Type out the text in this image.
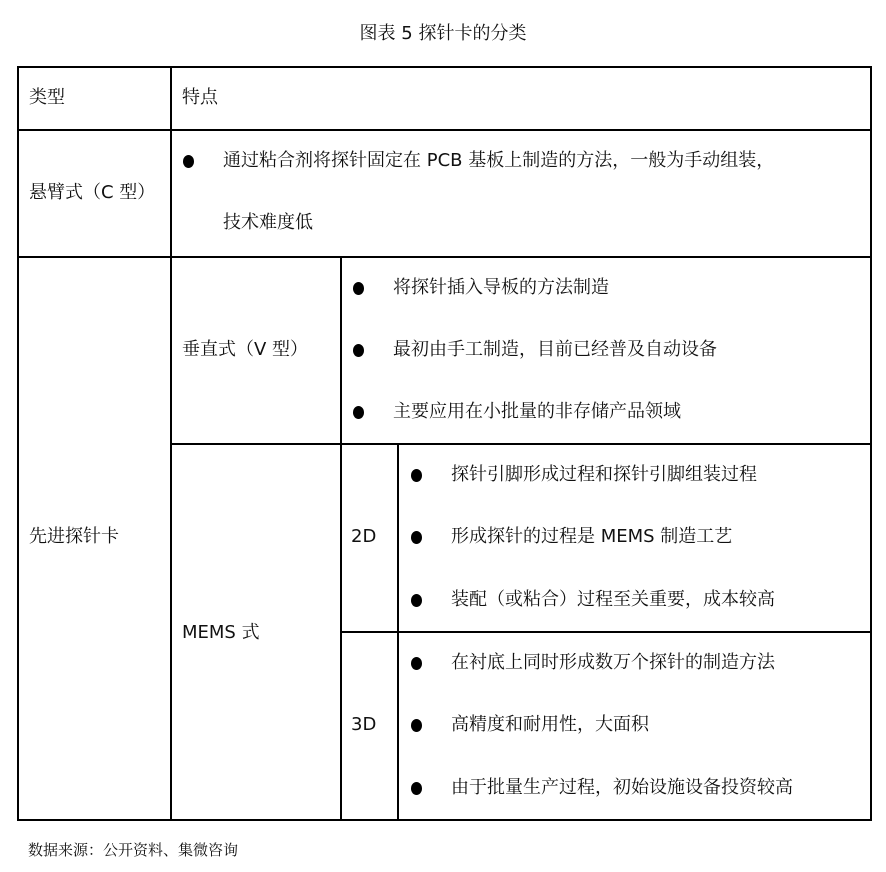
图表 5 探针卡的分类
类型	特点
悬臂式（C 型）
通过粘合剂将探针固定在 PCB 基板上制造的方法，一般为手动组装，
技术难度低
先进探针卡
垂直式（V 型）
将探针插入导板的方法制造
最初由手工制造，目前已经普及自动设备
主要应用在小批量的非存储产品领域
MEMS 式
2D
探针引脚形成过程和探针引脚组装过程
形成探针的过程是 MEMS 制造工艺
装配（或粘合）过程至关重要，成本较高
3D
在衬底上同时形成数万个探针的制造方法
高精度和耐用性，大面积
由于批量生产过程，初始设施设备投资较高
数据来源：公开资料、集微咨询
